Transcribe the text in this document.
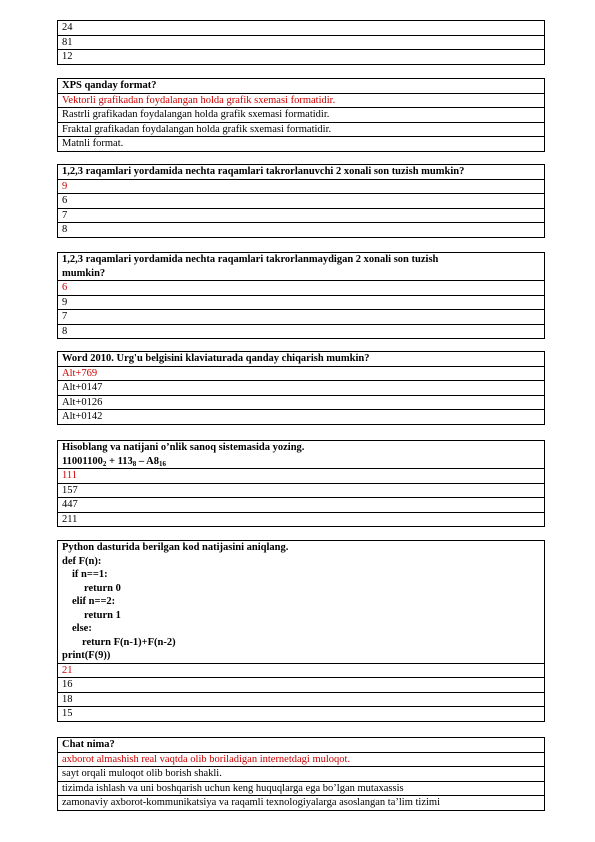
24
81
12
XPS qanday format?
Vektorli grafikadan foydalangan holda grafik sxemasi formatidir.
Rastrli grafikadan foydalangan holda grafik sxemasi formatidir.
Fraktal grafikadan foydalangan holda grafik sxemasi formatidir.
Matnli format.
1,2,3 raqamlari yordamida nechta raqamlari takrorlanuvchi 2 xonali son tuzish mumkin?
9
6
7
8
1,2,3 raqamlari yordamida nechta raqamlari takrorlanmaydigan 2 xonali son tuzish
mumkin?

6
9
7
8
Word 2010. Urg'u belgisini klaviaturada qanday chiqarish mumkin?
Alt+769
Alt+0147
Alt+0126
Alt+0142
Hisoblang va natijani o’nlik sanoq sistemasida yozing.
$11001100_2 + 113_8 - A8_{16}$

111
157
447
211
Python dasturida berilgan kod natijasini aniqlang.
def F(n):
if n==1:
return 0
elif n==2:
return 1
else:
return F(n-1)+F(n-2)
print(F(9))

21
16
18
15
Chat nima?
axborot almashish real vaqtda olib boriladigan internetdagi muloqot.
sayt orqali muloqot olib borish shakli.
tizimda ishlash va uni boshqarish uchun keng huquqlarga ega bo’lgan mutaxassis
zamonaviy axborot-kommunikatsiya va raqamli texnologiyalarga asoslangan ta’lim tizimi
